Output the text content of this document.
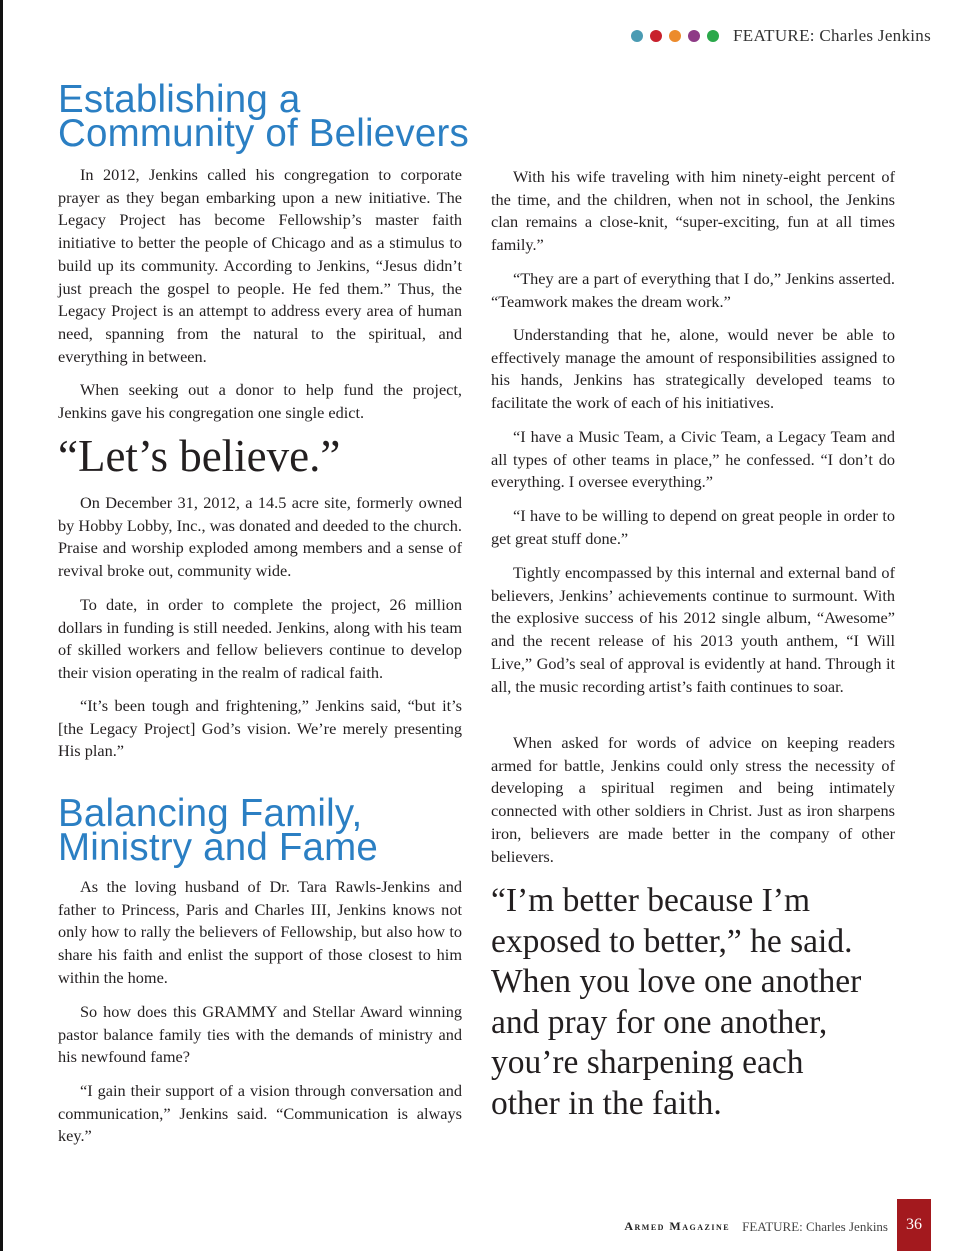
FEATURE: Charles Jenkins
Establishing a
Community of Believers

In 2012, Jenkins called his congregation to corporate prayer as they began embarking upon a new initiative. The Legacy Project has become Fellowship’s master faith initiative to better the people of Chicago and as a stimulus to build up its community. According to Jenkins, “Jesus didn’t just preach the gospel to people. He fed them.” Thus, the Legacy Project is an attempt to address every area of human need, spanning from the natural to the spiritual, and everything in between.

When seeking out a donor to help fund the project, Jenkins gave his congregation one single edict.

“Let’s believe.”

On December 31, 2012, a 14.5 acre site, formerly owned by Hobby Lobby, Inc., was donated and deeded to the church. Praise and worship exploded among members and a sense of revival broke out, community wide.

To date, in order to complete the project, 26 million dollars in funding is still needed. Jenkins, along with his team of skilled workers and fellow believers continue to develop their vision operating in the realm of radical faith.

“It’s been tough and frightening,” Jenkins said, “but it’s [the Legacy Project] God’s vision. We’re merely presenting His plan.”

Balancing Family,
Ministry and Fame

As the loving husband of Dr. Tara Rawls-Jenkins and father to Princess, Paris and Charles III, Jenkins knows not only how to rally the believers of Fellowship, but also how to share his faith and enlist the support of those closest to him within the home.

So how does this GRAMMY and Stellar Award winning pastor balance family ties with the demands of ministry and his newfound fame?

“I gain their support of a vision through conversation and communication,” Jenkins said. “Communication is always key.”

With his wife traveling with him ninety-eight percent of the time, and the children, when not in school, the Jenkins clan remains a close-knit, “super-exciting, fun at all times family.”

“They are a part of everything that I do,” Jenkins asserted. “Teamwork makes the dream work.”

Understanding that he, alone, would never be able to effectively manage the amount of responsibilities assigned to his hands, Jenkins has strategically developed teams to facilitate the work of each of his initiatives.

“I have a Music Team, a Civic Team, a Legacy Team and all types of other teams in place,” he confessed. “I don’t do everything. I oversee everything.”

“I have to be willing to depend on great people in order to get great stuff done.”

Tightly encompassed by this internal and external band of believers, Jenkins’ achievements continue to surmount. With the explosive success of his 2012 single album, “Awesome” and the recent release of his 2013 youth anthem, “I Will Live,” God’s seal of approval is evidently at hand. Through it all, the music recording artist’s faith continues to soar.

When asked for words of advice on keeping readers armed for battle, Jenkins could only stress the necessity of developing a spiritual regimen and being intimately connected with other soldiers in Christ. Just as iron sharpens iron, believers are made better in the company of other believers.

“I’m better because I’m

exposed to better,” he said.

When you love one another

and pray for one another,

you’re sharpening each

other in the faith.

Armed Magazine FEATURE: Charles Jenkins 36
